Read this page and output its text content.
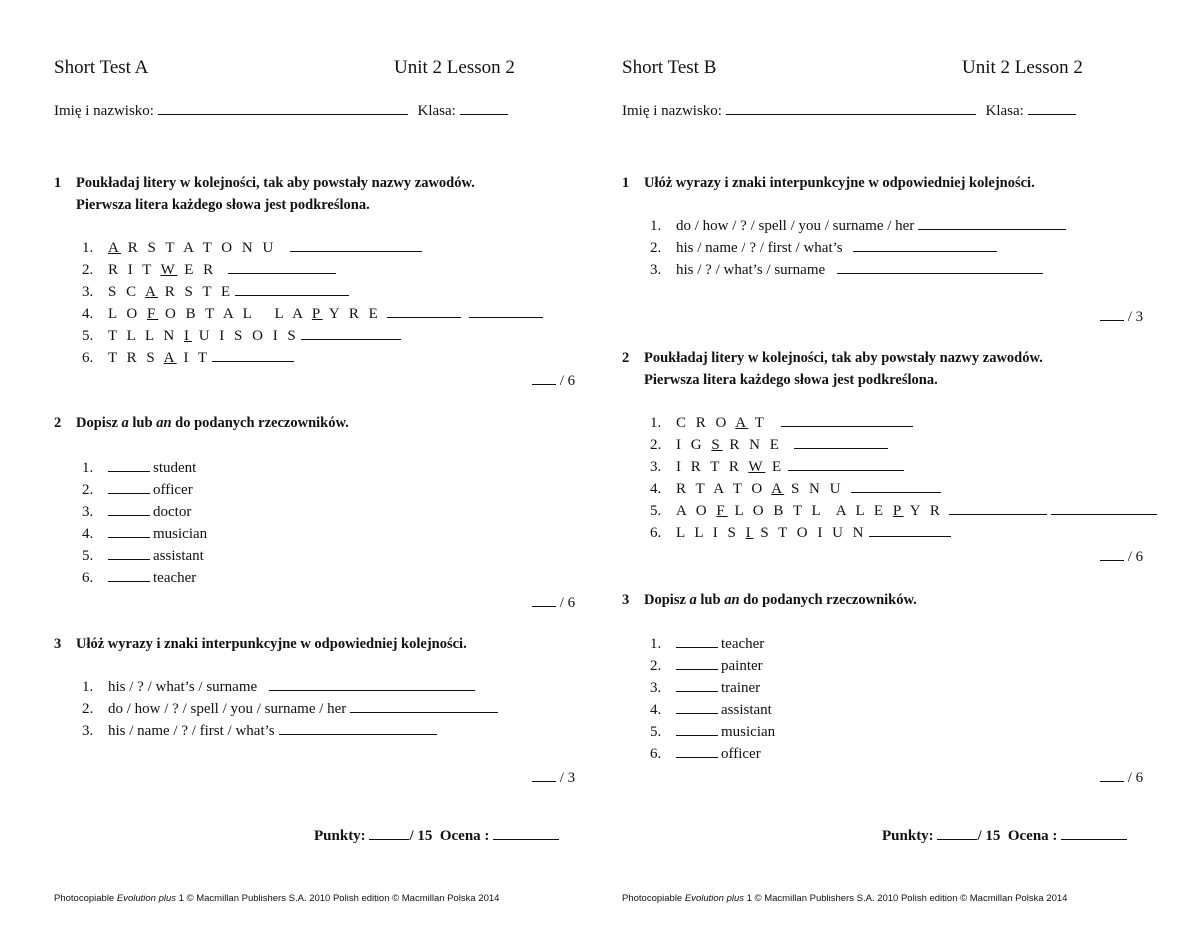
Short Test A	Unit 2 Lesson 2
Imię i nazwisko:	Klasa:
1 Poukładaj litery w kolejności, tak aby powstały nazwy zawodów.
Pierwsza litera każdego słowa jest podkreślona.
1. A R S T A T O N U
2. R I T W E R
3. S C A R S T E
4. L O F O B T A L   L A P Y R E
5. T L L N I U I S O I S
6. T R S A I T
/ 6
2 Dopisz a lub an do podanych rzeczowników.
1.	student
2.	officer
3.	doctor
4.	musician
5.	assistant
6.	teacher
/ 6
3 Ułóż wyrazy i znaki interpunkcyjne w odpowiedniej kolejności.
1. his / ? / what’s / surname
2. do / how / ? / spell / you / surname / her
3. his / name / ? / first / what’s
/ 3
Punkty:	/ 15 Ocena :
Photocopiable Evolution plus 1 © Macmillan Publishers S.A. 2010 Polish edition © Macmillan Polska 2014
Short Test B	Unit 2 Lesson 2
Imię i nazwisko:	Klasa:
1 Ułóż wyrazy i znaki interpunkcyjne w odpowiedniej kolejności.
1. do / how / ? / spell / you / surname / her
2. his / name / ? / first / what’s
3. his / ? / what’s / surname
/ 3
2 Poukładaj litery w kolejności, tak aby powstały nazwy zawodów.
Pierwsza litera każdego słowa jest podkreślona.
1. C R O A T
2. I G S R N E
3. I R T R W E
4. R T A T O A S N U
5. A O F L O B T L  A L E P Y R
6. L L I S I S T O I U N
/ 6
3 Dopisz a lub an do podanych rzeczowników.
1.	teacher
2.	painter
3.	trainer
4.	assistant
5.	musician
6.	officer
/ 6
Punkty:	/ 15 Ocena :
Photocopiable Evolution plus 1 © Macmillan Publishers S.A. 2010 Polish edition © Macmillan Polska 2014
